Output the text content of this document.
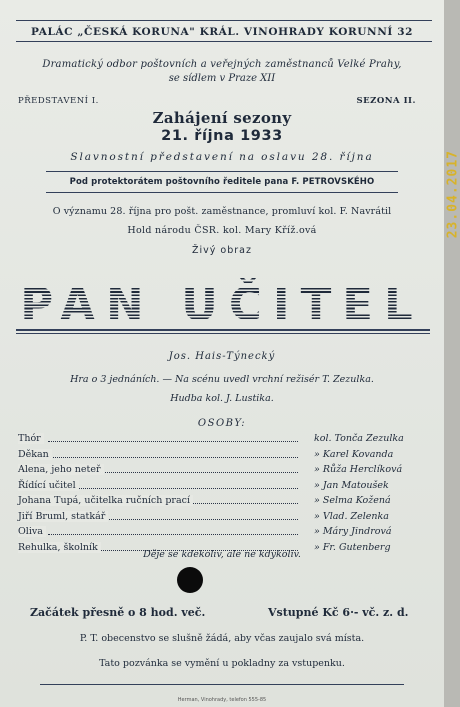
PALÁC „ČESKÁ KORUNA" KRÁL. VINOHRADY KORUNNÍ 32
Dramatický odbor poštovních a veřejných zaměstnanců Velké Prahy,
se sídlem v Praze XII
PŘEDSTAVENÍ I.	SEZONA II.
Zahájení sezony
21. října 1933
Slavnostní představení na oslavu 28. října
Pod protektorátem poštovního ředitele pana F. PETROVSKÉHO
O významu 28. října pro pošt. zaměstnance, promluví kol. F. Navrátil
Hold národu ČSR. kol. Mary Kříž.ová
Živý obraz
PAN UČITEL
Jos. Hais-Týnecký
Hra o 3 jednáních. — Na scénu uvedl vrchní režisér T. Zezulka.
Hudba kol. J. Lustika.
OSOBY:
Thór	kol. Tonča Zezulka
Děkan	» Karel Kovanda
Alena, jeho neteř	» Růža Herclíková
Řídící učitel	» Jan Matoušek
Johana Tupá, učitelka ručních prací	» Selma Kožená
Jiří Bruml, statkář	» Vlad. Zelenka
Oliva	» Máry Jindrová
Rehulka, školník	» Fr. Gutenberg
Děje se kdekoliv, ale ne kdykoliv.
Začátek přesně o 8 hod. več.	Vstupné Kč 6·- vč. z. d.
P. T. obecenstvo se slušně žádá, aby včas zaujalo svá místa.
Tato pozvánka se vymění u pokladny za vstupenku.
Herman, Vinohrady, telefon 555-85
23.04.2017
